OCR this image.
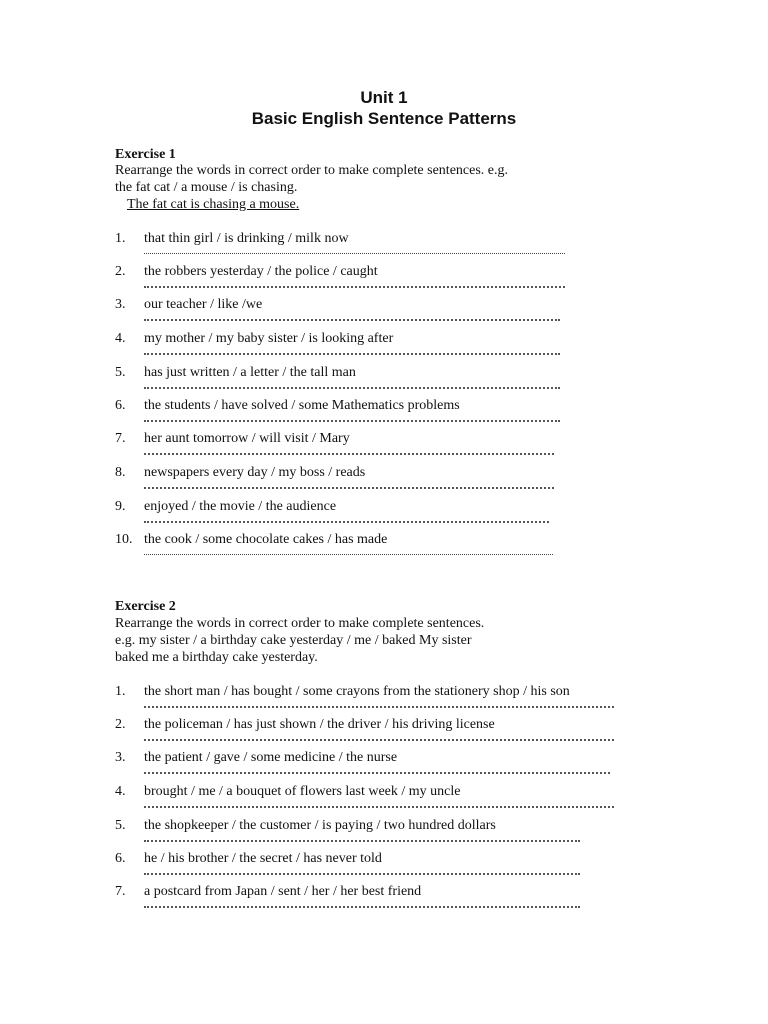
Unit 1
Basic English Sentence Patterns
Exercise 1
Rearrange the words in correct order to make complete sentences. e.g.
the fat cat / a mouse / is chasing.
The fat cat is chasing a mouse.
1. that thin girl / is drinking / milk now
2. the robbers yesterday / the police / caught
3. our teacher / like /we
4. my mother / my baby sister / is looking after
5. has just written / a letter / the tall man
6. the students / have solved / some Mathematics problems
7. her aunt tomorrow / will visit / Mary
8. newspapers every day / my boss / reads
9. enjoyed / the movie / the audience
10. the cook / some chocolate cakes / has made
Exercise 2
Rearrange the words in correct order to make complete sentences.
e.g. my sister / a birthday cake yesterday / me / baked My sister
baked me a birthday cake yesterday.
1. the short man / has bought / some crayons from the stationery shop / his son
2. the policeman / has just shown / the driver / his driving license
3. the patient / gave / some medicine / the nurse
4. brought / me / a bouquet of flowers last week / my uncle
5. the shopkeeper / the customer / is paying / two hundred dollars
6. he / his brother / the secret / has never told
7. a postcard from Japan / sent / her / her best friend
